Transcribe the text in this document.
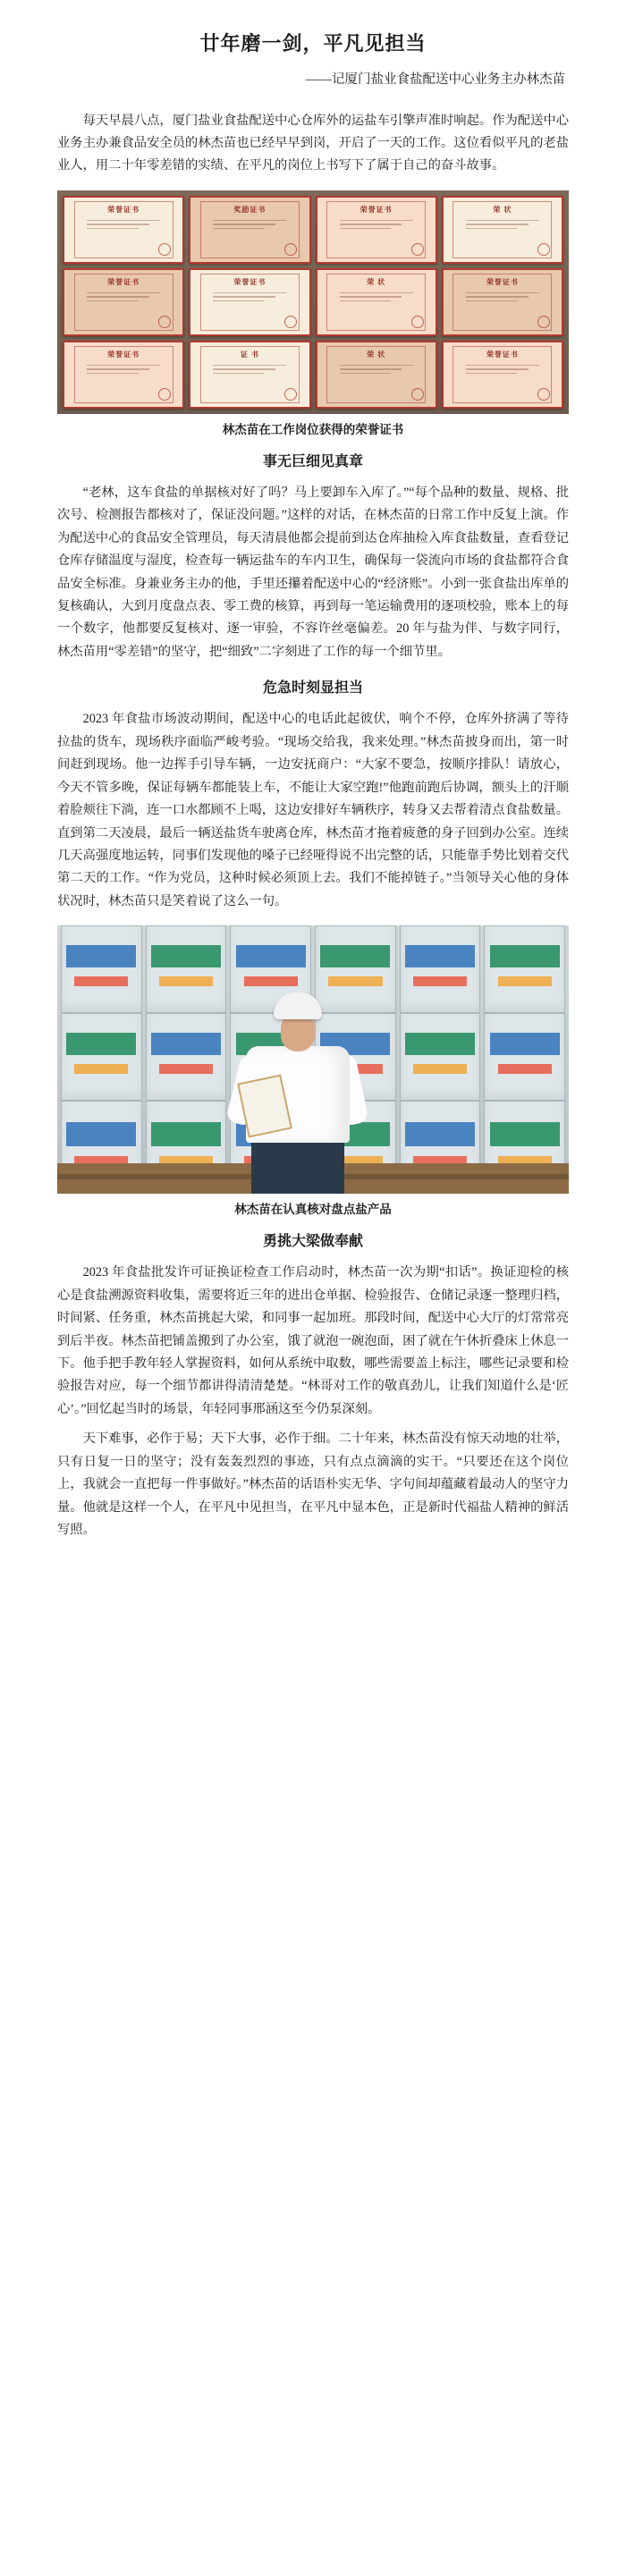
廿年磨一剑，平凡见担当
——记厦门盐业食盐配送中心业务主办林杰苗

每天早晨八点，厦门盐业食盐配送中心仓库外的运盐车引擎声准时响起。作为配送中心业务主办兼食品安全员的林杰苗也已经早早到岗，开启了一天的工作。这位看似平凡的老盐业人，用二十年零差错的实绩、在平凡的岗位上书写下了属于自己的奋斗故事。

荣誉证书	奖励证书	荣誉证书	荣 状
荣誉证书	荣誉证书	荣 状	荣誉证书
荣誉证书	证 书	荣 状	荣誉证书
林杰苗在工作岗位获得的荣誉证书
事无巨细见真章

“老林，这车食盐的单据核对好了吗？马上要卸车入库了。”“每个品种的数量、规格、批次号、检测报告都核对了，保证没问题。”这样的对话，在林杰苗的日常工作中反复上演。作为配送中心的食品安全管理员，每天清晨他都会提前到达仓库抽检入库食盐数量，查看登记仓库存储温度与湿度，检查每一辆运盐车的车内卫生，确保每一袋流向市场的食盐都符合食品安全标准。身兼业务主办的他，手里还攥着配送中心的“经济账”。小到一张食盐出库单的复核确认，大到月度盘点表、零工费的核算，再到每一笔运输费用的逐项校验，账本上的每一个数字，他都要反复核对、逐一审验，不容许丝毫偏差。20 年与盐为伴、与数字同行，林杰苗用“零差错”的坚守，把“细致”二字刻进了工作的每一个细节里。

危急时刻显担当

2023 年食盐市场波动期间，配送中心的电话此起彼伏，响个不停，仓库外挤满了等待拉盐的货车，现场秩序面临严峻考验。“现场交给我，我来处理。”林杰苗披身而出，第一时间赶到现场。他一边挥手引导车辆，一边安抚商户：“大家不要急，按顺序排队！请放心，今天不管多晚，保证每辆车都能装上车，不能让大家空跑!”他跑前跑后协调，额头上的汗顺着脸颊往下淌，连一口水都顾不上喝，这边安排好车辆秩序，转身又去帮着清点食盐数量。直到第二天凌晨，最后一辆送盐货车驶离仓库，林杰苗才拖着疲惫的身子回到办公室。连续几天高强度地运转，同事们发现他的嗓子已经哑得说不出完整的话，只能靠手势比划着交代第二天的工作。“作为党员，这种时候必须顶上去。我们不能掉链子。”当领导关心他的身体状况时，林杰苗只是笑着说了这么一句。

林杰苗在认真核对盘点盐产品
勇挑大梁做奉献

2023 年食盐批发许可证换证检查工作启动时，林杰苗一次为期“扣话”。换证迎检的核心是食盐溯源资料收集，需要将近三年的进出仓单据、检验报告、仓储记录逐一整理归档，时间紧、任务重，林杰苗挑起大梁，和同事一起加班。那段时间，配送中心大厅的灯常常亮到后半夜。林杰苗把铺盖搬到了办公室，饿了就泡一碗泡面，困了就在午休折叠床上休息一下。他手把手教年轻人掌握资料，如何从系统中取数，哪些需要盖上标注，哪些记录要和检验报告对应，每一个细节都讲得清清楚楚。“林哥对工作的敬真劲儿，让我们知道什么是‘匠心’。”回忆起当时的场景，年轻同事邢涵这至今仍泵深刻。

天下难事，必作于易；天下大事，必作于细。二十年来，林杰苗没有惊天动地的壮举，只有日复一日的坚守；没有轰轰烈烈的事迹，只有点点滴滴的实干。“只要还在这个岗位上，我就会一直把每一件事做好。”林杰苗的话语朴实无华、字句间却蕴藏着最动人的坚守力量。他就是这样一个人，在平凡中见担当，在平凡中显本色，正是新时代福盐人精神的鲜活写照。
